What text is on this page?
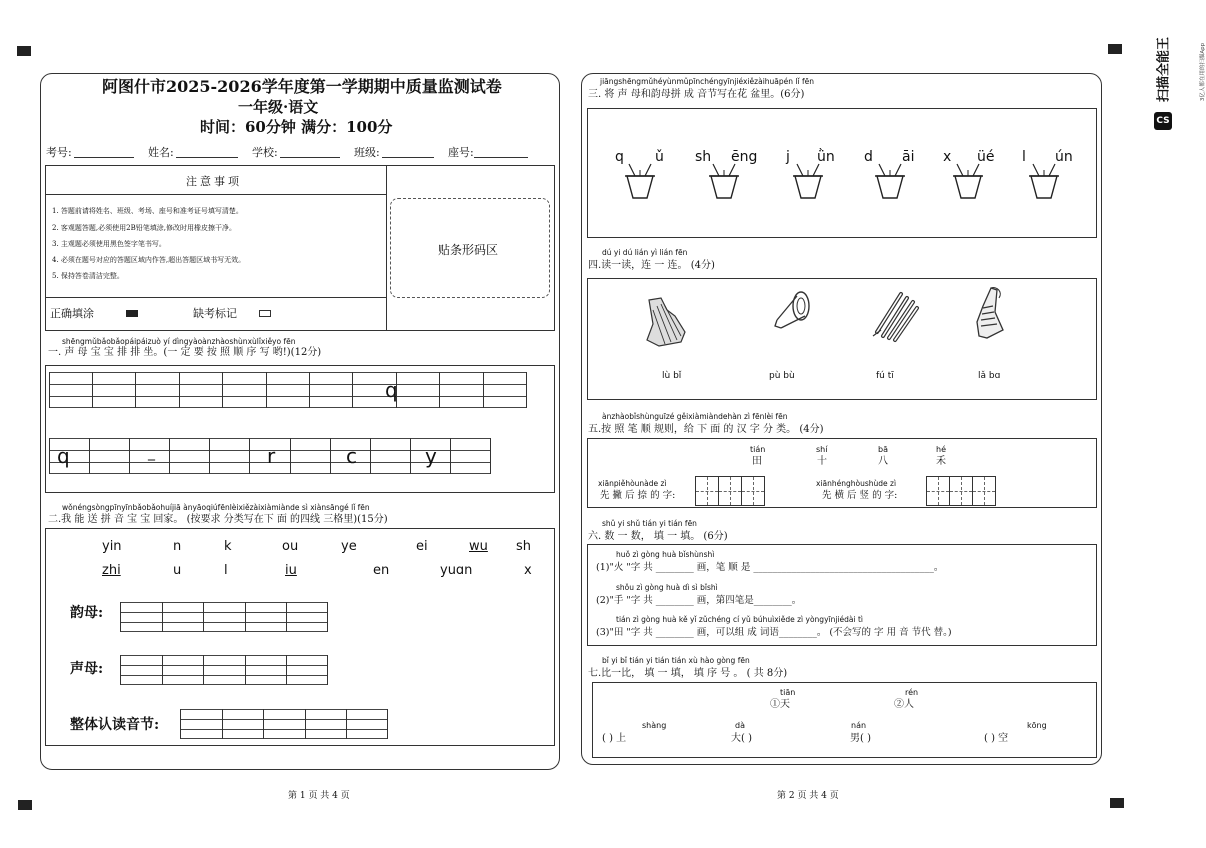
阿图什市2025-2026学年度第一学期期中质量监测试卷
一年级·语文
时间：60分钟 满分：100分
考号:	姓名:	学校:	班级:	座号:
注意事项
1. 答题前请将姓名、班级、考场、座号和准考证号填写清楚。
2. 客观题答题,必须使用2B铅笔填涂,修改时用橡皮擦干净。
3. 主观题必须使用黑色签字笔书写。
4. 必须在题号对应的答题区域内作答,超出答题区域书写无效。
5. 保持答卷清洁完整。
正确填涂	缺考标记
贴条形码区
shēngmǔbǎobǎopáipáizuò yí dìngyàoànzhàoshùnxùlǐxiěyo fēn
一. 声 母 宝 宝 排 排 坐。(一 定 要 按 照 顺 序 写 哟!)(12分)
q
q	_	r	c	y
wǒnéngsòngpīnyīnbǎobǎohuíjiā ànyāoqiúfēnlèixiězàixiàmiànde sì xiànsāngé lǐ fēn
二.我 能 送 拼 音 宝 宝 回家。 (按要求 分类写在下 面 的四线 三格里)(15分)
yin	n	k	ou	ye	ei	wu sh
zhi	u	l	iu	en	yuɑn	x
韵母:
声母:
整体认读音节:
第 1 页 共 4 页
jiāngshēngmǔhéyùnmǔpīnchéngyīnjiéxiězàihuāpén lǐ fēn
三. 将 声 母和韵母拼 成 音节写在花 盆里。(6分)
q ǔ sh ēng j ǜn d āi x üé l ún
dú yi dú lián yì lián fēn
四.读一读，连 一 连。 (4分)
lù bǐ	pù bù	fú tī	lǎ bɑ
ànzhàobǐshùnguīzé gěixiàmiàndehàn zì fēnlèi fēn
五.按 照 笔 顺 规则，给 下 面 的 汉 字 分 类。 (4分)
tián
田
shí
十
bā
八
hé
禾
xiānpiěhòunàde zì
先 撇 后 捺 的 字:
xiānhénghòushùde zì
先 横 后 竖 的 字:
shǔ yi shǔ tián yi tián fēn
六. 数 一 数， 填 一 填。 (6分)
huǒ zì gòng huà bǐshùnshì
(1)"火 "字 共 ________ 画，笔 顺 是 ______________________________________。
shǒu zì gòng huà dì sì bǐshì
(2)"手 "字 共 ________ 画，第四笔是________。
tián zì gòng huà kě yǐ zǔchéng cí yǔ búhuìxiěde zì yòngyīnjiédài tì
(3)"田 "字 共 ________ 画，可以组 成 词语________。 (不会写的 字 用 音 节代 替。)
bǐ yi bǐ tián yi tián tián xù hào gòng fēn
七.比一比， 填 一 填， 填 序 号 。 ( 共 8分)
tiān
①天
rén
②人
shàng
( ) 上
dà
大( )
nán
男( )
kōng
( ) 空
第 2 页 共 4 页
CS
扫描全能王	3亿人都在用的扫描App
